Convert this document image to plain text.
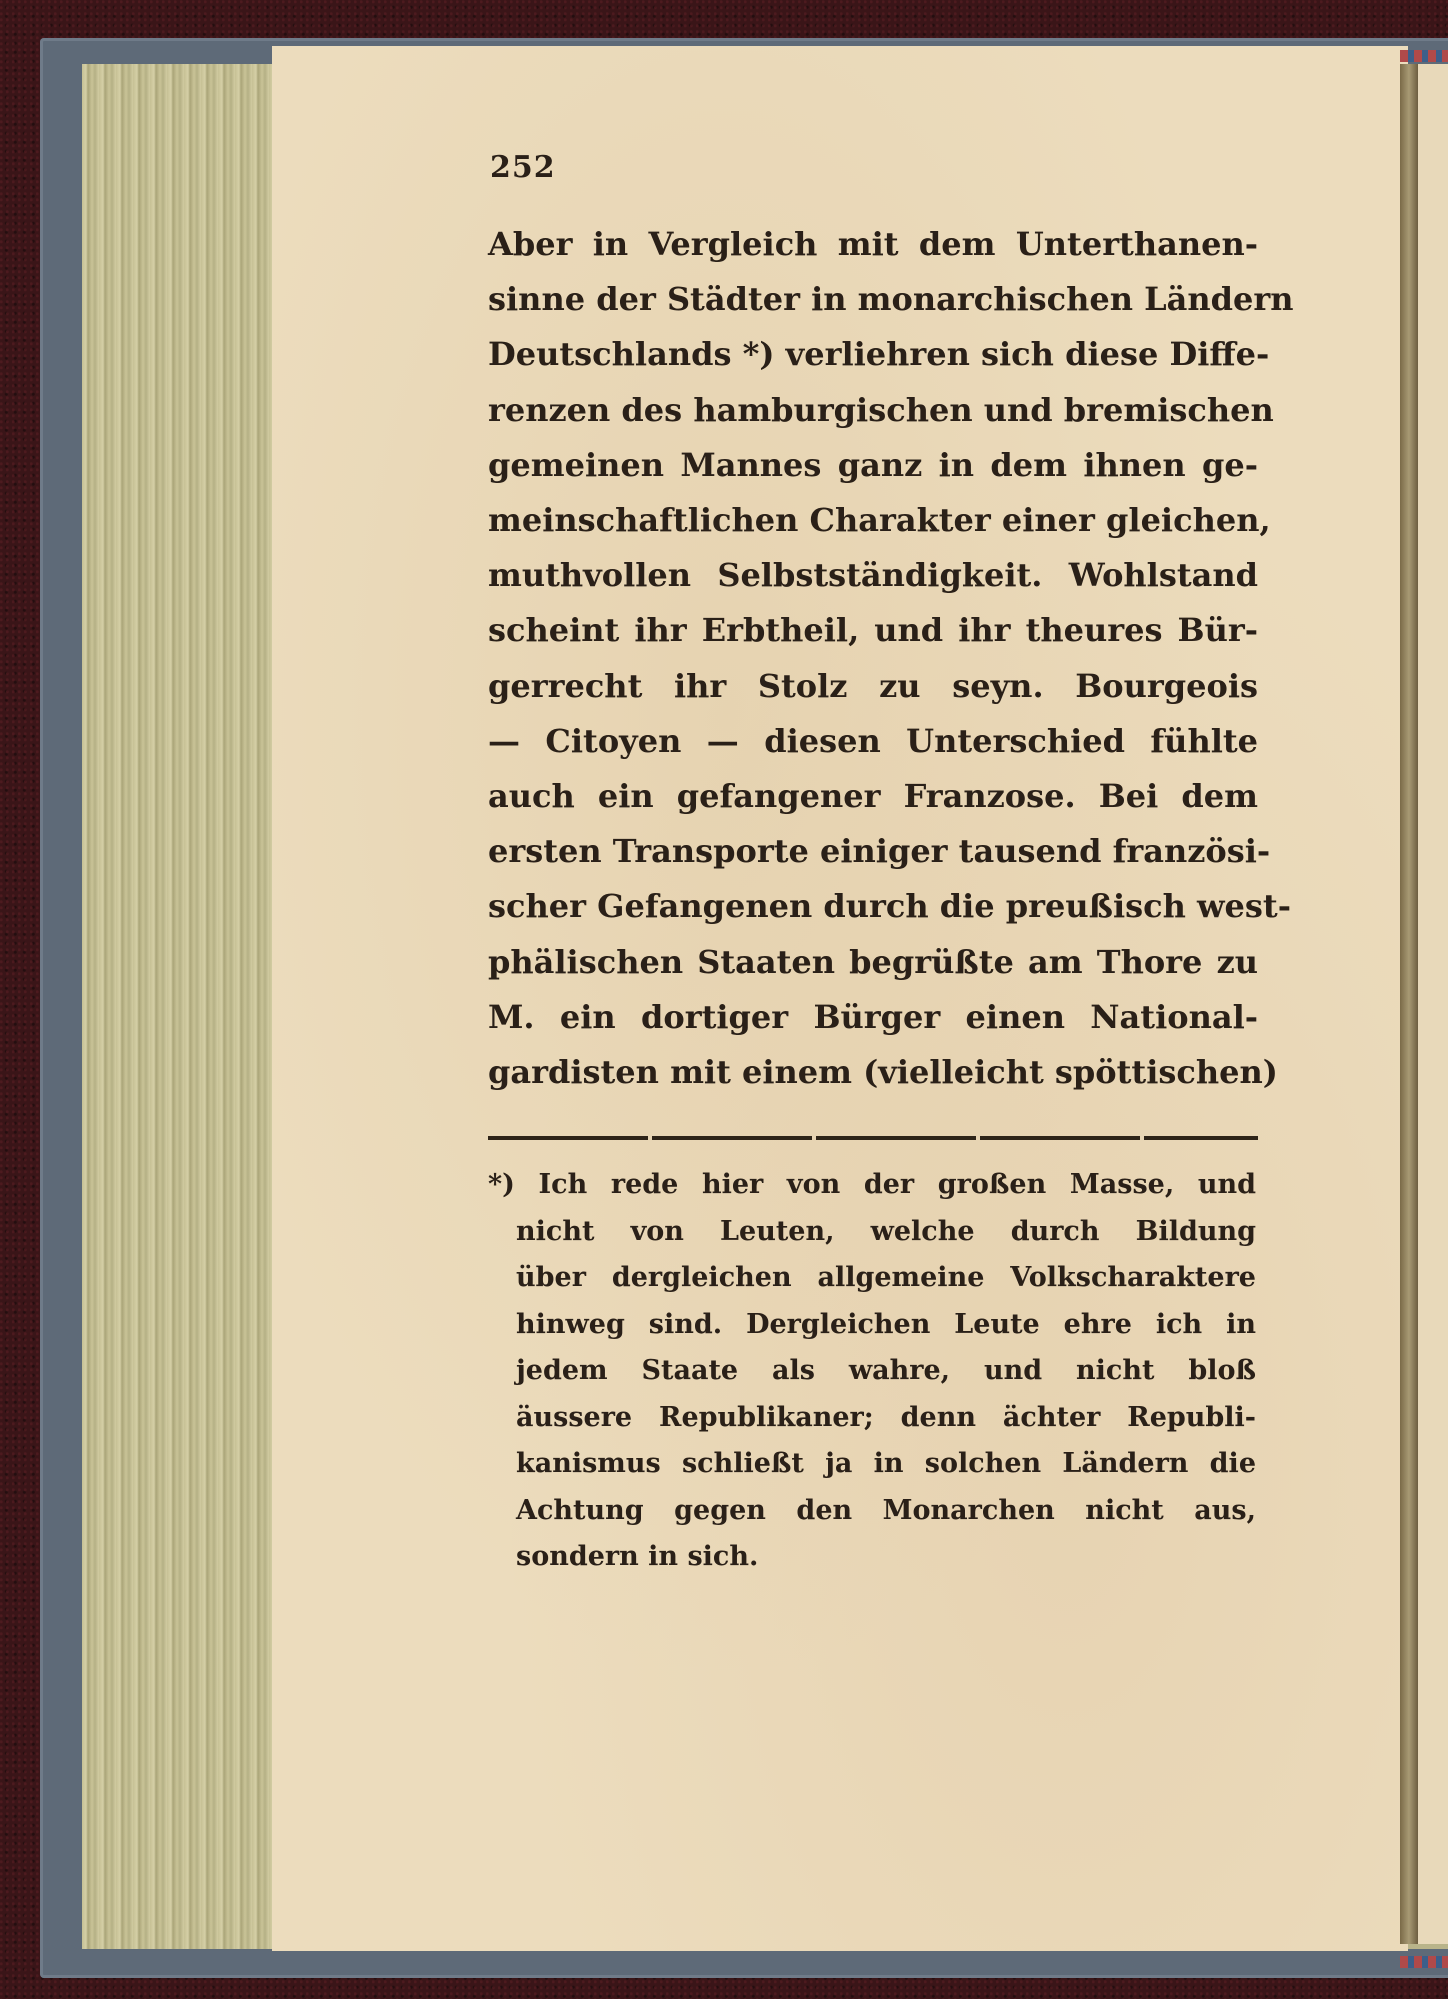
252
Aber in Vergleich mit dem Unterthanen-
sinne der Städter in monarchischen Ländern
Deutschlands *) verliehren sich diese Diffe-
renzen des hamburgischen und bremischen
gemeinen Mannes ganz in dem ihnen ge-
meinschaftlichen Charakter einer gleichen,
muthvollen Selbstständigkeit. Wohlstand
scheint ihr Erbtheil, und ihr theures Bür-
gerrecht ihr Stolz zu seyn. Bourgeois
— Citoyen — diesen Unterschied fühlte
auch ein gefangener Franzose. Bei dem
ersten Transporte einiger tausend französi-
scher Gefangenen durch die preußisch west-
phälischen Staaten begrüßte am Thore zu
M. ein dortiger Bürger einen National-
gardisten mit einem (vielleicht spöttischen)
*) Ich rede hier von der großen Masse, und
nicht von Leuten, welche durch Bildung
über dergleichen allgemeine Volkscharaktere
hinweg sind. Dergleichen Leute ehre ich in
jedem Staate als wahre, und nicht bloß
äussere Republikaner; denn ächter Republi-
kanismus schließt ja in solchen Ländern die
Achtung gegen den Monarchen nicht aus,
sondern in sich.
